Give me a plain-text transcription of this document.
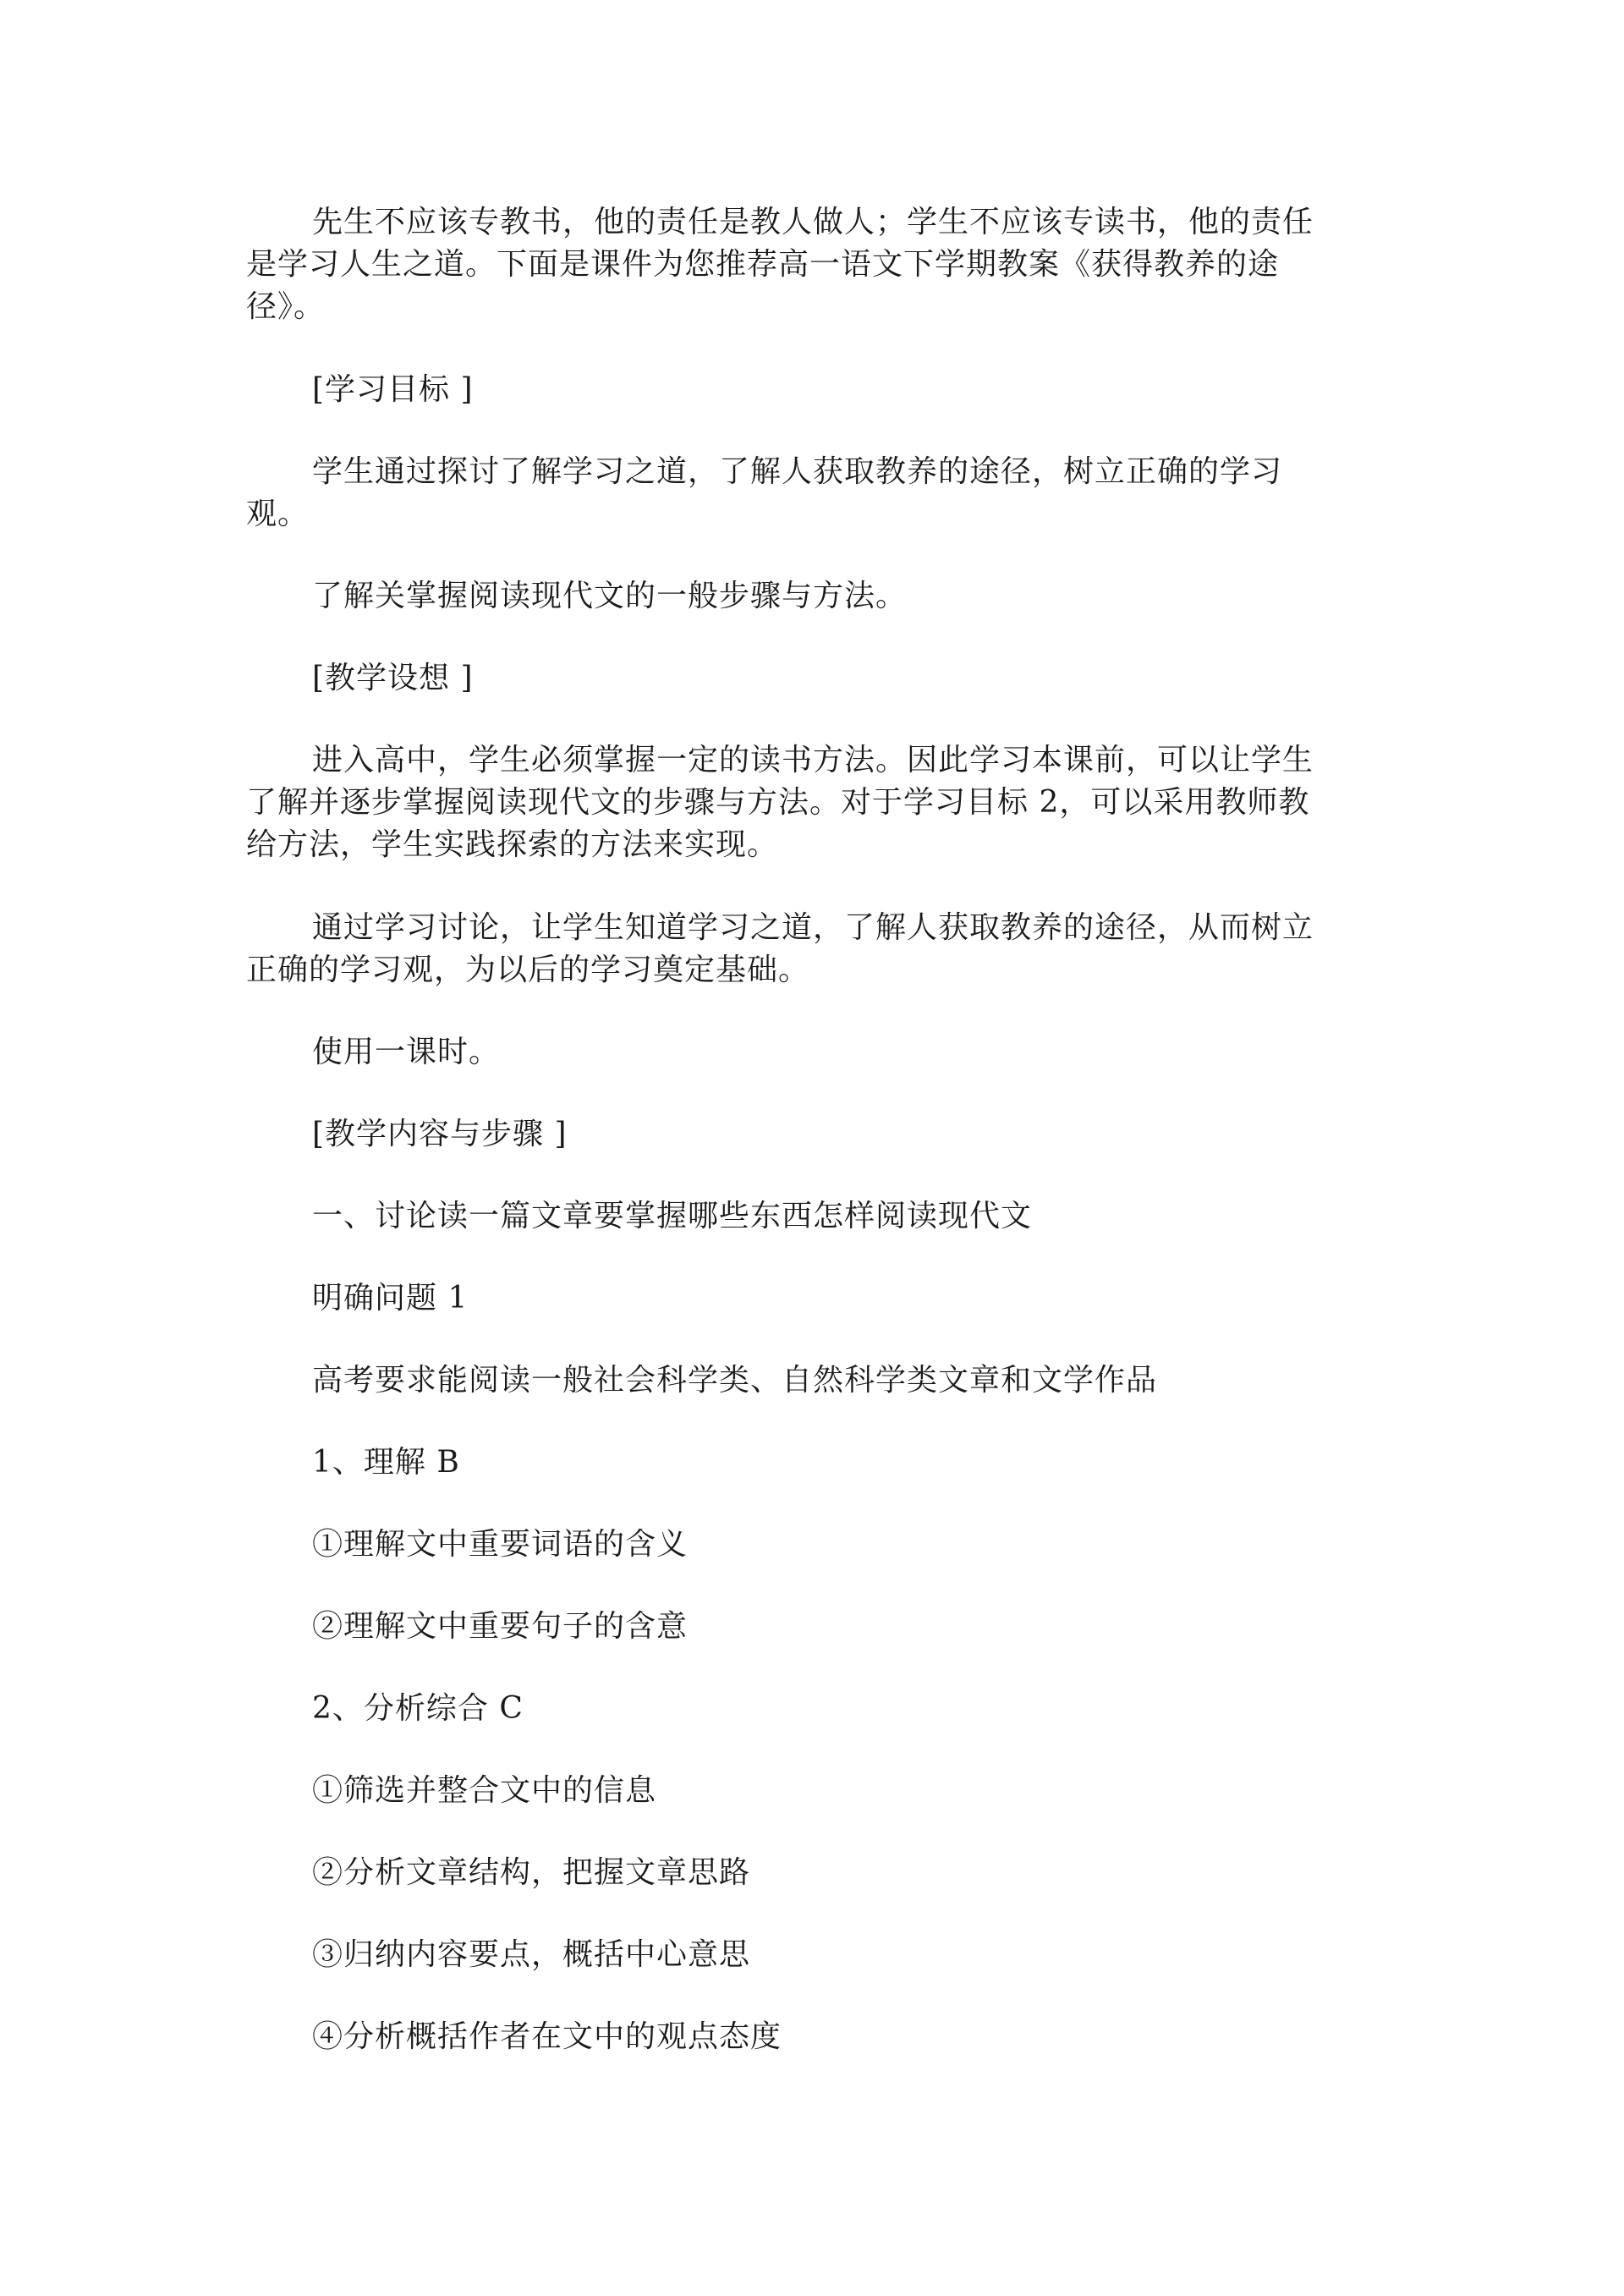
先生不应该专教书，他的责任是教人做人；学生不应该专读书，他的责任是学习人生之道。下面是课件为您推荐高一语文下学期教案《获得教养的途径》。

[学习目标 ]

学生通过探讨了解学习之道，了解人获取教养的途径，树立正确的学习观。

了解关掌握阅读现代文的一般步骤与方法。

[教学设想 ]

进入高中，学生必须掌握一定的读书方法。因此学习本课前，可以让学生了解并逐步掌握阅读现代文的步骤与方法。对于学习目标 2，可以采用教师教给方法，学生实践探索的方法来实现。

通过学习讨论，让学生知道学习之道，了解人获取教养的途径，从而树立正确的学习观，为以后的学习奠定基础。

使用一课时。

[教学内容与步骤 ]

一、讨论读一篇文章要掌握哪些东西怎样阅读现代文

明确问题 1

高考要求能阅读一般社会科学类、自然科学类文章和文学作品

1、理解 B

①理解文中重要词语的含义

②理解文中重要句子的含意

2、分析综合 C

①筛选并整合文中的信息

②分析文章结构，把握文章思路

③归纳内容要点，概括中心意思

④分析概括作者在文中的观点态度
